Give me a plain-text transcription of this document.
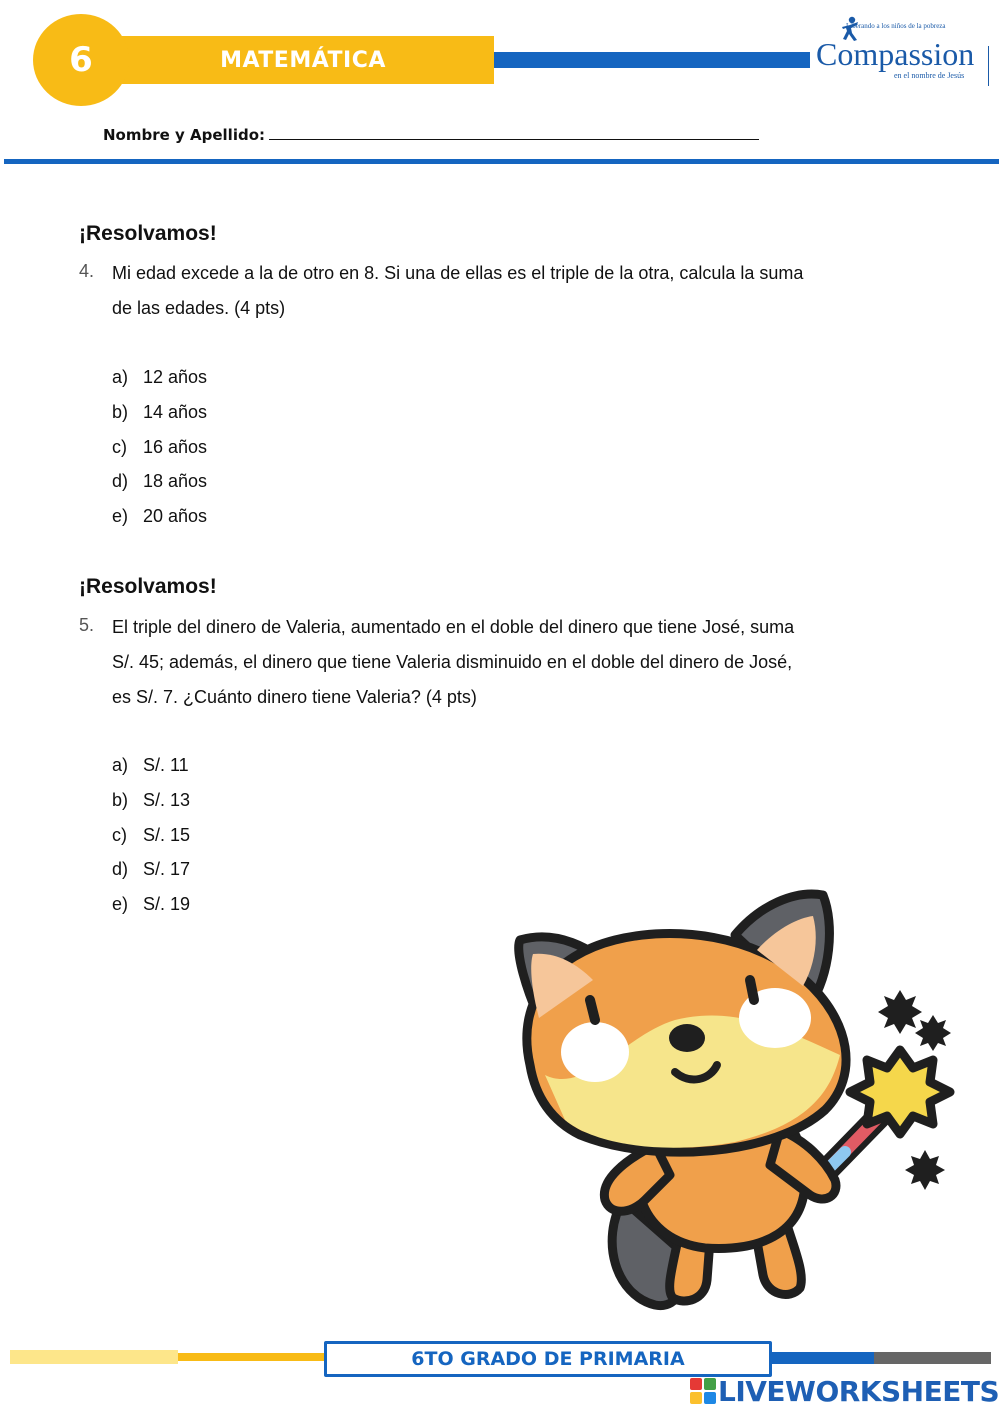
6	MATEMÁTICA
Liberando a los niños de la pobreza
Compassion
en el nombre de Jesús
Nombre y Apellido:
¡Resolvamos!
4. Mi edad excede a la de otro en 8. Si una de ellas es el triple de la otra, calcula la suma
de las edades. (4 pts)
a) 12 años
b) 14 años
c) 16 años
d) 18 años
e) 20 años
¡Resolvamos!
5. El triple del dinero de Valeria, aumentado en el doble del dinero que tiene José, suma
S/. 45; además, el dinero que tiene Valeria disminuido en el doble del dinero de José,
es S/. 7. ¿Cuánto dinero tiene Valeria? (4 pts)
a) S/. 11
b) S/. 13
c) S/. 15
d) S/. 17
e) S/. 19
6TO GRADO DE PRIMARIA
LIVEWORKSHEETS
